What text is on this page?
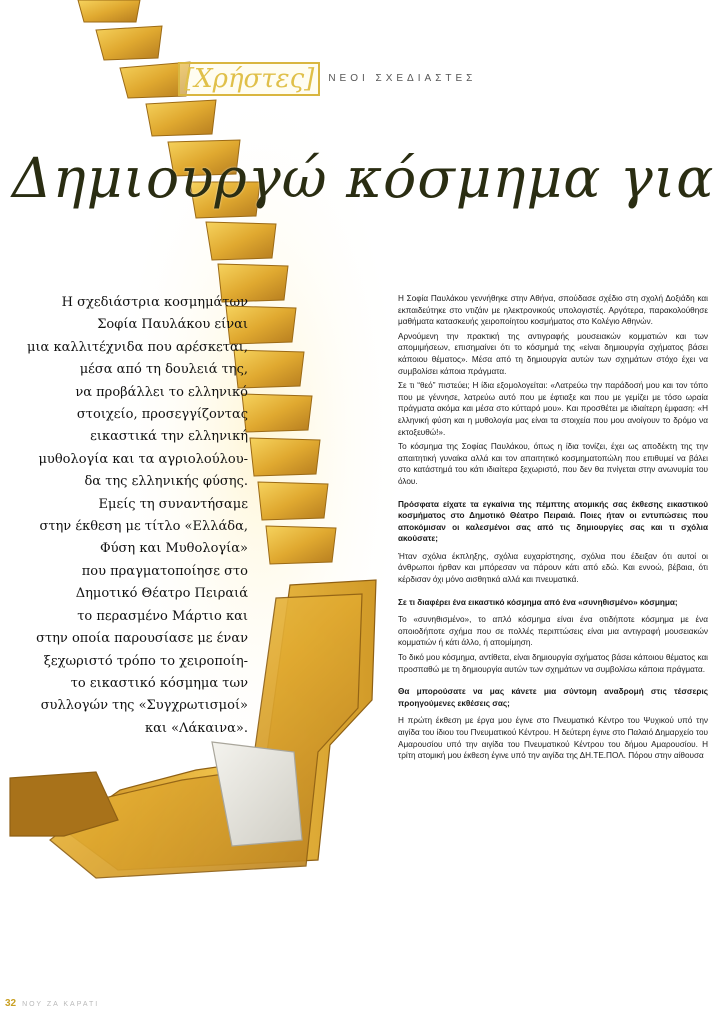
[Χρήστες]	ΝΕΟΙ ΣΧΕΔΙΑΣΤΕΣ
Δημιουργώ κόσμημα για
Η σχεδιάστρια κοσμημάτων
Σοφία Παυλάκου είναι
μια καλλιτέχνιδα που αρέσκεται,
μέσα από τη δουλειά της,
να προβάλλει το ελληνικό
στοιχείο, προσεγγίζοντας
εικαστικά την ελληνική
μυθολογία και τα αγριολούλου-
δα της ελληνικής φύσης.
Εμείς τη συναντήσαμε
στην έκθεση με τίτλο «Ελλάδα,
Φύση και Μυθολογία»
που πραγματοποίησε στο
Δημοτικό Θέατρο Πειραιά
το περασμένο Μάρτιο και
στην οποία παρουσίασε με έναν
ξεχωριστό τρόπο το χειροποίη-
το εικαστικό κόσμημα των
συλλογών της «Συγχρωτισμοί»
και «Λάκαινα».

Η Σοφία Παυλάκου γεννήθηκε στην Αθήνα, σπούδασε σχέδιο στη σχολή Δοξιάδη και εκπαιδεύτηκε στο ντιζάιν με ηλεκτρονικούς υπολογιστές. Αργότερα, παρακολούθησε μαθήματα κατασκευής χειροποίητου κοσμήματος στο Κολέγιο Αθηνών.

Αρνούμενη την πρακτική της αντιγραφής μουσειακών κομματιών και των απομιμήσεων, επισημαίνει ότι το κόσμημά της «είναι δημιουργία σχήματος βάσει κάποιου θέματος». Μέσα από τη δημιουργία αυτών των σχημάτων στόχο έχει να συμβολίσει κάποια πράγματα.

Σε τι “θεό” πιστεύει; Η ίδια εξομολογείται: «Λατρεύω την παράδοσή μου και τον τόπο που με γέννησε, λατρεύω αυτό που με έφτιαξε και που με γεμίζει με τόσο ωραία πράγματα ακόμα και μέσα στο κύτταρό μου». Και προσθέτει με ιδιαίτερη έμφαση: «Η ελληνική φύση και η μυθολογία μας είναι τα στοιχεία που μου ανοίγουν το δρόμο να εκτοξευθώ!».

Το κόσμημα της Σοφίας Παυλάκου, όπως η ίδια τονίζει, έχει ως αποδέκτη της την απαιτητική γυναίκα αλλά και τον απαιτητικό κοσμηματοπώλη που επιθυμεί να βάλει στο κατάστημά του κάτι ιδιαίτερα ξεχωριστό, που δεν θα πνίγεται στην ανωνυμία του όλου.

Πρόσφατα είχατε τα εγκαίνια της πέμπτης ατομικής σας έκθεσης εικαστικού κοσμήματος στο Δημοτικό Θέατρο Πειραιά. Ποιες ήταν οι εντυπώσεις που αποκόμισαν οι καλεσμένοι σας από τις δημιουργίες σας και τι σχόλια ακούσατε;

Ήταν σχόλια έκπληξης, σχόλια ευχαρίστησης, σχόλια που έδειξαν ότι αυτοί οι άνθρωποι ήρθαν και μπόρεσαν να πάρουν κάτι από εδώ. Και εννοώ, βέβαια, ότι κέρδισαν όχι μόνο αισθητικά αλλά και πνευματικά.

Σε τι διαφέρει ένα εικαστικό κόσμημα από ένα «συνηθισμένο» κόσμημα;

Το «συνηθισμένο», το απλό κόσμημα είναι ένα οτιδήποτε κόσμημα με ένα οποιοδήποτε σχήμα που σε πολλές περιπτώσεις είναι μια αντιγραφή μουσειακών κομματιών ή κάτι άλλο, ή απομίμηση.

Το δικό μου κόσμημα, αντίθετα, είναι δημιουργία σχήματος βάσει κάποιου θέματος και προσπαθώ με τη δημιουργία αυτών των σχημάτων να συμβολίσω κάποια πράγματα.

Θα μπορούσατε να μας κάνετε μια σύντομη αναδρομή στις τέσσερις προηγούμενες εκθέσεις σας;

Η πρώτη έκθεση με έργα μου έγινε στο Πνευματικό Κέντρο του Ψυχικού υπό την αιγίδα του ίδιου του Πνευματικού Κέντρου. Η δεύτερη έγινε στο Παλαιό Δημαρχείο του Αμαρουσίου υπό την αιγίδα του Πνευματικού Κέντρου του δήμου Αμαρουσίου. Η τρίτη ατομική μου έκθεση έγινε υπό την αιγίδα της ΔΗ.ΤΕ.ΠΟΛ. Πόρου στην αίθουσα

32 ΝΟΥ ΖΑ ΚΑΡΑΤΙ
